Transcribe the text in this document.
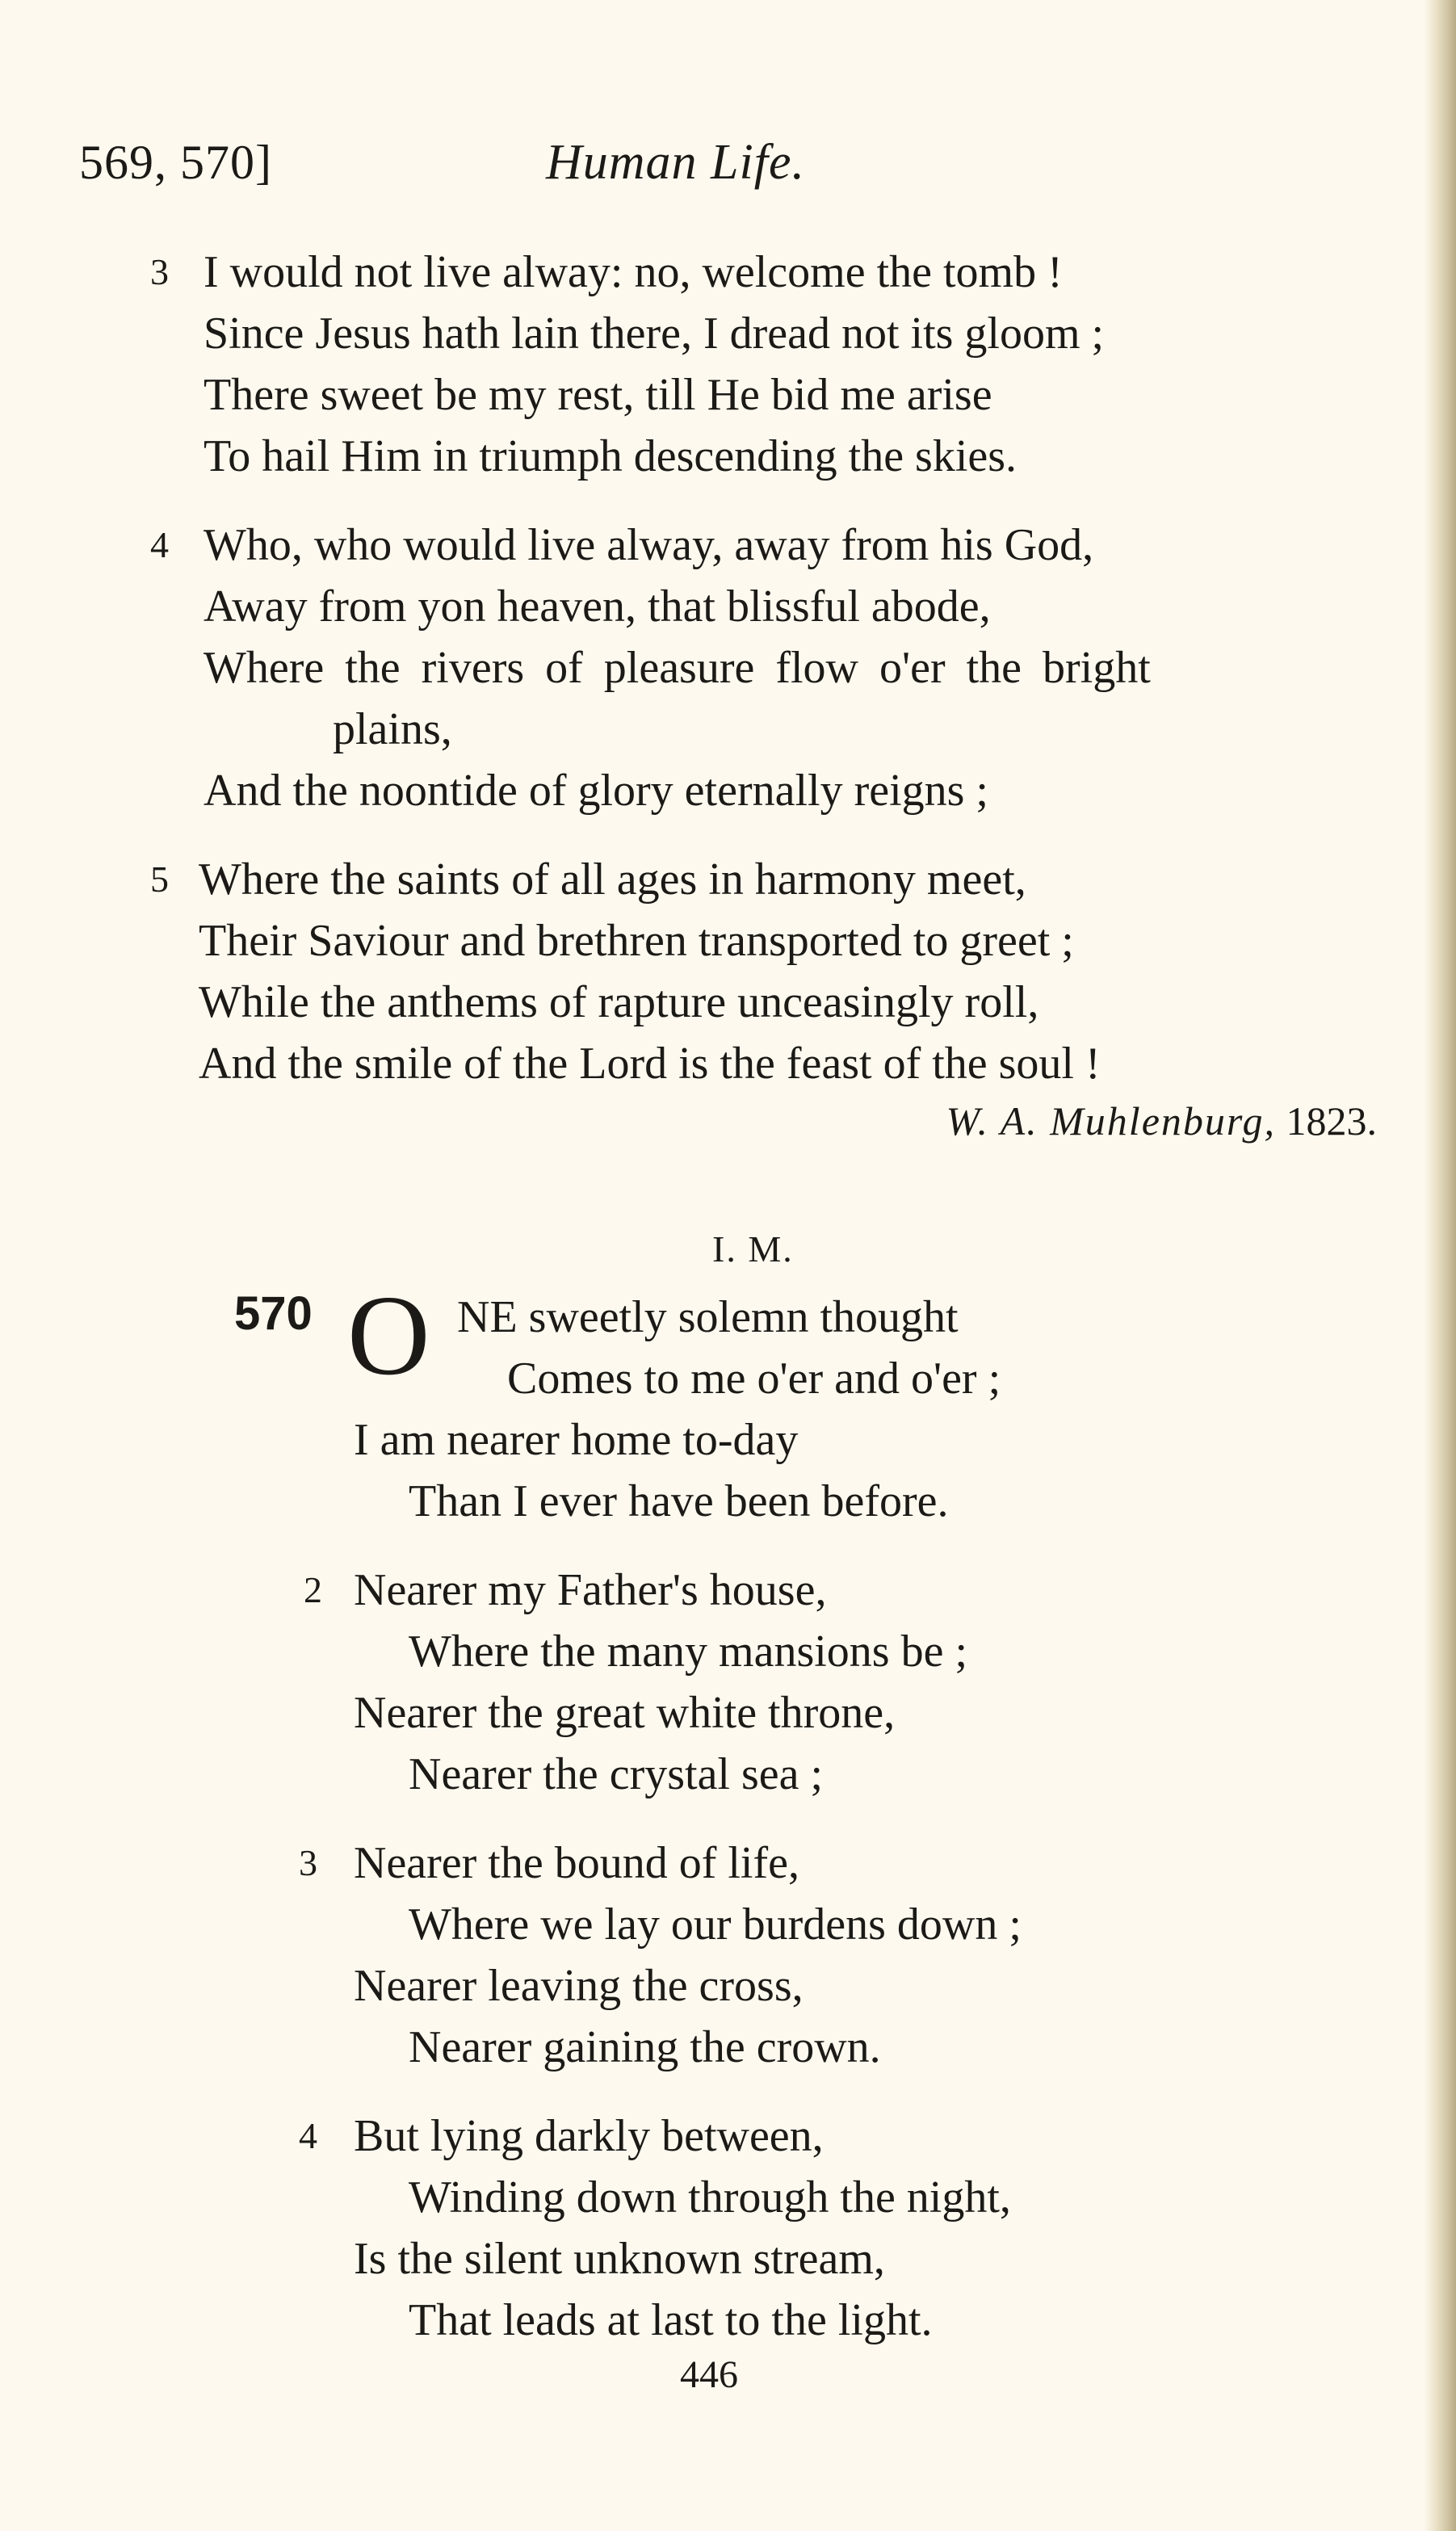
569, 570]	Human Life.
3 I would not live alway: no, welcome the tomb !
Since Jesus hath lain there, I dread not its gloom ;
There sweet be my rest, till He bid me arise
To hail Him in triumph descending the skies.
4 Who, who would live alway, away from his God,
Away from yon heaven, that blissful abode,
Where the rivers of pleasure flow o'er the bright
plains,
And the noontide of glory eternally reigns ;
5 Where the saints of all ages in harmony meet,
Their Saviour and brethren transported to greet ;
While the anthems of rapture unceasingly roll,
And the smile of the Lord is the feast of the soul !
W. A. Muhlenburg, 1823.
I. M.
570 O NE sweetly solemn thought
Comes to me o'er and o'er ;
I am nearer home to-day
Than I ever have been before.
2 Nearer my Father's house,
Where the many mansions be ;
Nearer the great white throne,
Nearer the crystal sea ;
3 Nearer the bound of life,
Where we lay our burdens down ;
Nearer leaving the cross,
Nearer gaining the crown.
4 But lying darkly between,
Winding down through the night,
Is the silent unknown stream,
That leads at last to the light.
446
